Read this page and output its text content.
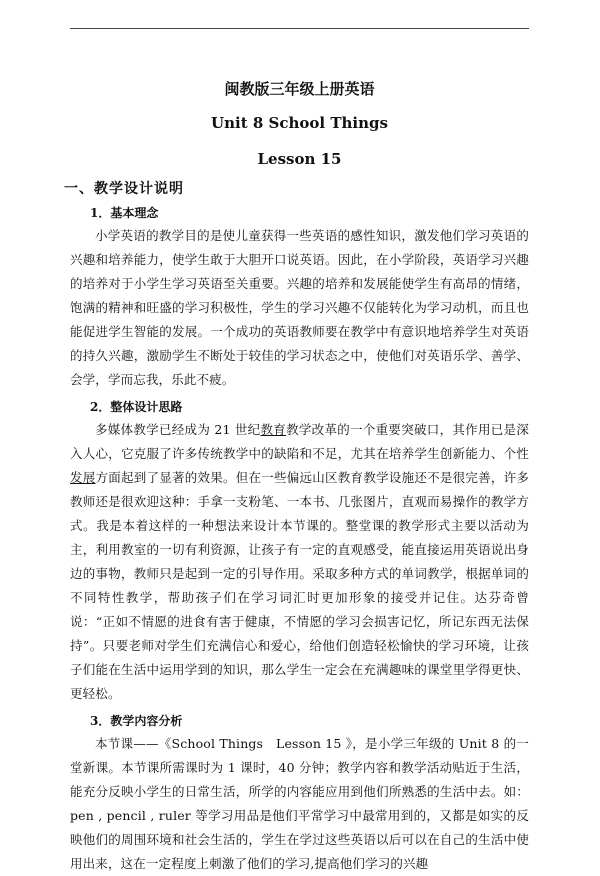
闽教版三年级上册英语
Unit 8 School Things
Lesson 15
一、教学设计说明
1．基本理念

小学英语的教学目的是使儿童获得一些英语的感性知识，激发他们学习英语的兴趣和培养能力，使学生敢于大胆开口说英语。因此，在小学阶段，英语学习兴趣的培养对于小学生学习英语至关重要。兴趣的培养和发展能使学生有高昂的情绪，饱满的精神和旺盛的学习积极性，学生的学习兴趣不仅能转化为学习动机，而且也能促进学生智能的发展。一个成功的英语教师要在教学中有意识地培养学生对英语的持久兴趣，激励学生不断处于较佳的学习状态之中，使他们对英语乐学、善学、会学，学而忘我，乐此不疲。

2．整体设计思路

多媒体教学已经成为 21 世纪教育教学改革的一个重要突破口，其作用已是深入人心，它克服了许多传统教学中的缺陷和不足，尤其在培养学生创新能力、个性发展方面起到了显著的效果。但在一些偏远山区教育教学设施还不是很完善，许多教师还是很欢迎这种：手拿一支粉笔、一本书、几张图片，直观而易操作的教学方式。我是本着这样的一种想法来设计本节课的。整堂课的教学形式主要以活动为主，利用教室的一切有利资源，让孩子有一定的直观感受，能直接运用英语说出身边的事物，教师只是起到一定的引导作用。采取多种方式的单词教学，根据单词的不同特性教学，帮助孩子们在学习词汇时更加形象的接受并记住。达芬奇曾说：“正如不情愿的进食有害于健康，不情愿的学习会损害记忆，所记东西无法保持”。只要老师对学生们充满信心和爱心，给他们创造轻松愉快的学习环境，让孩子们能在生活中运用学到的知识，那么学生一定会在充满趣味的课堂里学得更快、更轻松。

3．教学内容分析

本节课——《School Things　Lesson 15 》，是小学三年级的 Unit 8 的一堂新课。本节课所需课时为 1 课时，40 分钟；教学内容和教学活动贴近于生活，能充分反映小学生的日常生活，所学的内容能应用到他们所熟悉的生活中去。如：pen , pencil , ruler 等学习用品是他们平常学习中最常用到的，又都是如实的反映他们的周围环境和社会生活的，学生在学过这些英语以后可以在自己的生活中使用出来，这在一定程度上刺激了他们的学习,提高他们学习的兴趣
